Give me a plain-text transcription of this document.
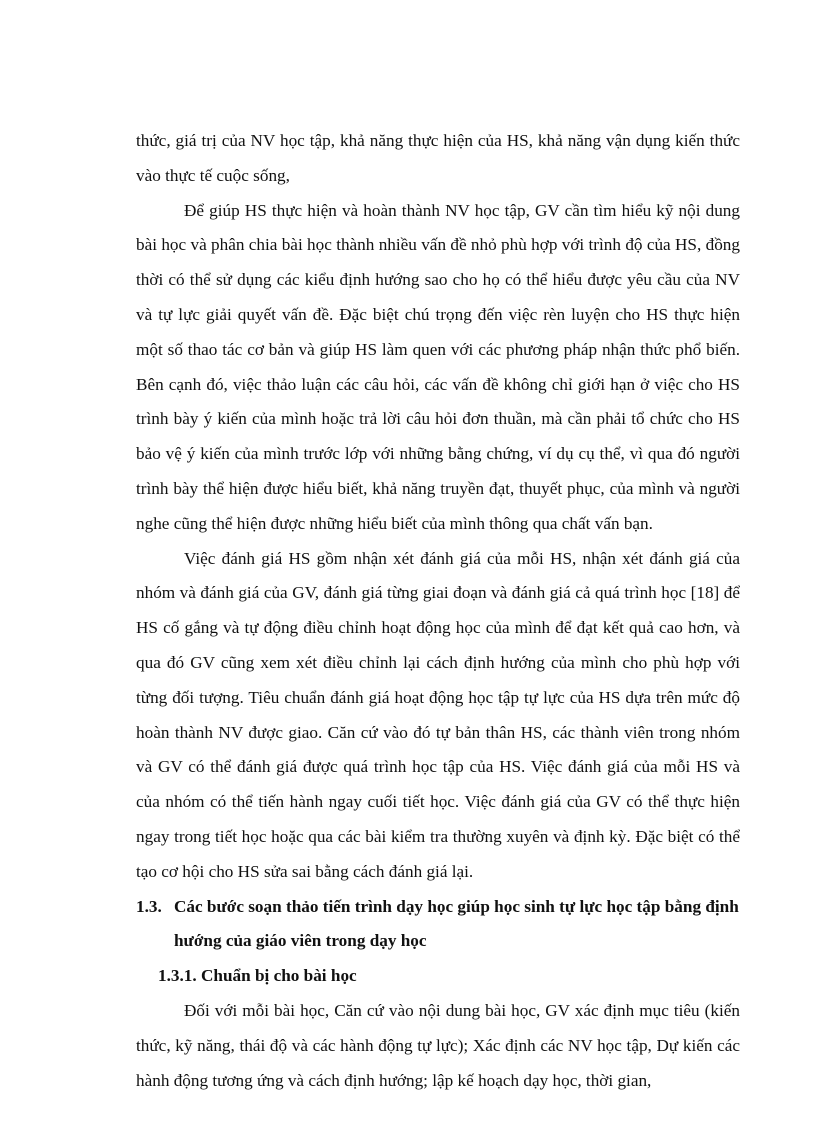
thức, giá trị của NV học tập, khả năng thực hiện của HS, khả năng vận dụng kiến thức vào thực tế cuộc sống,

Để giúp HS thực hiện và hoàn thành NV học tập, GV cần tìm hiểu kỹ nội dung bài học và phân chia bài học thành nhiều vấn đề nhỏ phù hợp với trình độ của HS, đồng thời có thể sử dụng các kiểu định hướng sao cho họ có thể hiểu được yêu cầu của NV và tự lực giải quyết vấn đề. Đặc biệt chú trọng đến việc rèn luyện cho HS thực hiện một số thao tác cơ bản và giúp HS làm quen với các phương pháp nhận thức phổ biến. Bên cạnh đó, việc thảo luận các câu hỏi, các vấn đề không chỉ giới hạn ở việc cho HS trình bày ý kiến của mình hoặc trả lời câu hỏi đơn thuần, mà cần phải tổ chức cho HS bảo vệ ý kiến của mình trước lớp với những bằng chứng, ví dụ cụ thể, vì qua đó người trình bày thể hiện được hiểu biết, khả năng truyền đạt, thuyết phục, của mình và người nghe cũng thể hiện được những hiểu biết của mình thông qua chất vấn bạn.

Việc đánh giá HS gồm nhận xét đánh giá của mỗi HS, nhận xét đánh giá của nhóm và đánh giá của GV, đánh giá từng giai đoạn và đánh giá cả quá trình học [18] để HS cố gắng và tự động điều chỉnh hoạt động học của mình để đạt kết quả cao hơn, và qua đó GV cũng xem xét điều chỉnh lại cách định hướng của mình cho phù hợp với từng đối tượng. Tiêu chuẩn đánh giá hoạt động học tập tự lực của HS dựa trên mức độ hoàn thành NV được giao. Căn cứ vào đó tự bản thân HS, các thành viên trong nhóm và GV có thể đánh giá được quá trình học tập của HS. Việc đánh giá của mỗi HS và của nhóm có thể tiến hành ngay cuối tiết học. Việc đánh giá của GV có thể thực hiện ngay trong tiết học hoặc qua các bài kiểm tra thường xuyên và định kỳ. Đặc biệt có thể tạo cơ hội cho HS sửa sai bằng cách đánh giá lại.

1.3. Các bước soạn thảo tiến trình dạy học giúp học sinh tự lực học tập bằng định hướng của giáo viên trong dạy học

1.3.1. Chuẩn bị cho bài học

Đối với mỗi bài học, Căn cứ vào nội dung bài học, GV xác định mục tiêu (kiến thức, kỹ năng, thái độ và các hành động tự lực); Xác định các NV học tập, Dự kiến các hành động tương ứng và cách định hướng; lập kế hoạch dạy học, thời gian,
